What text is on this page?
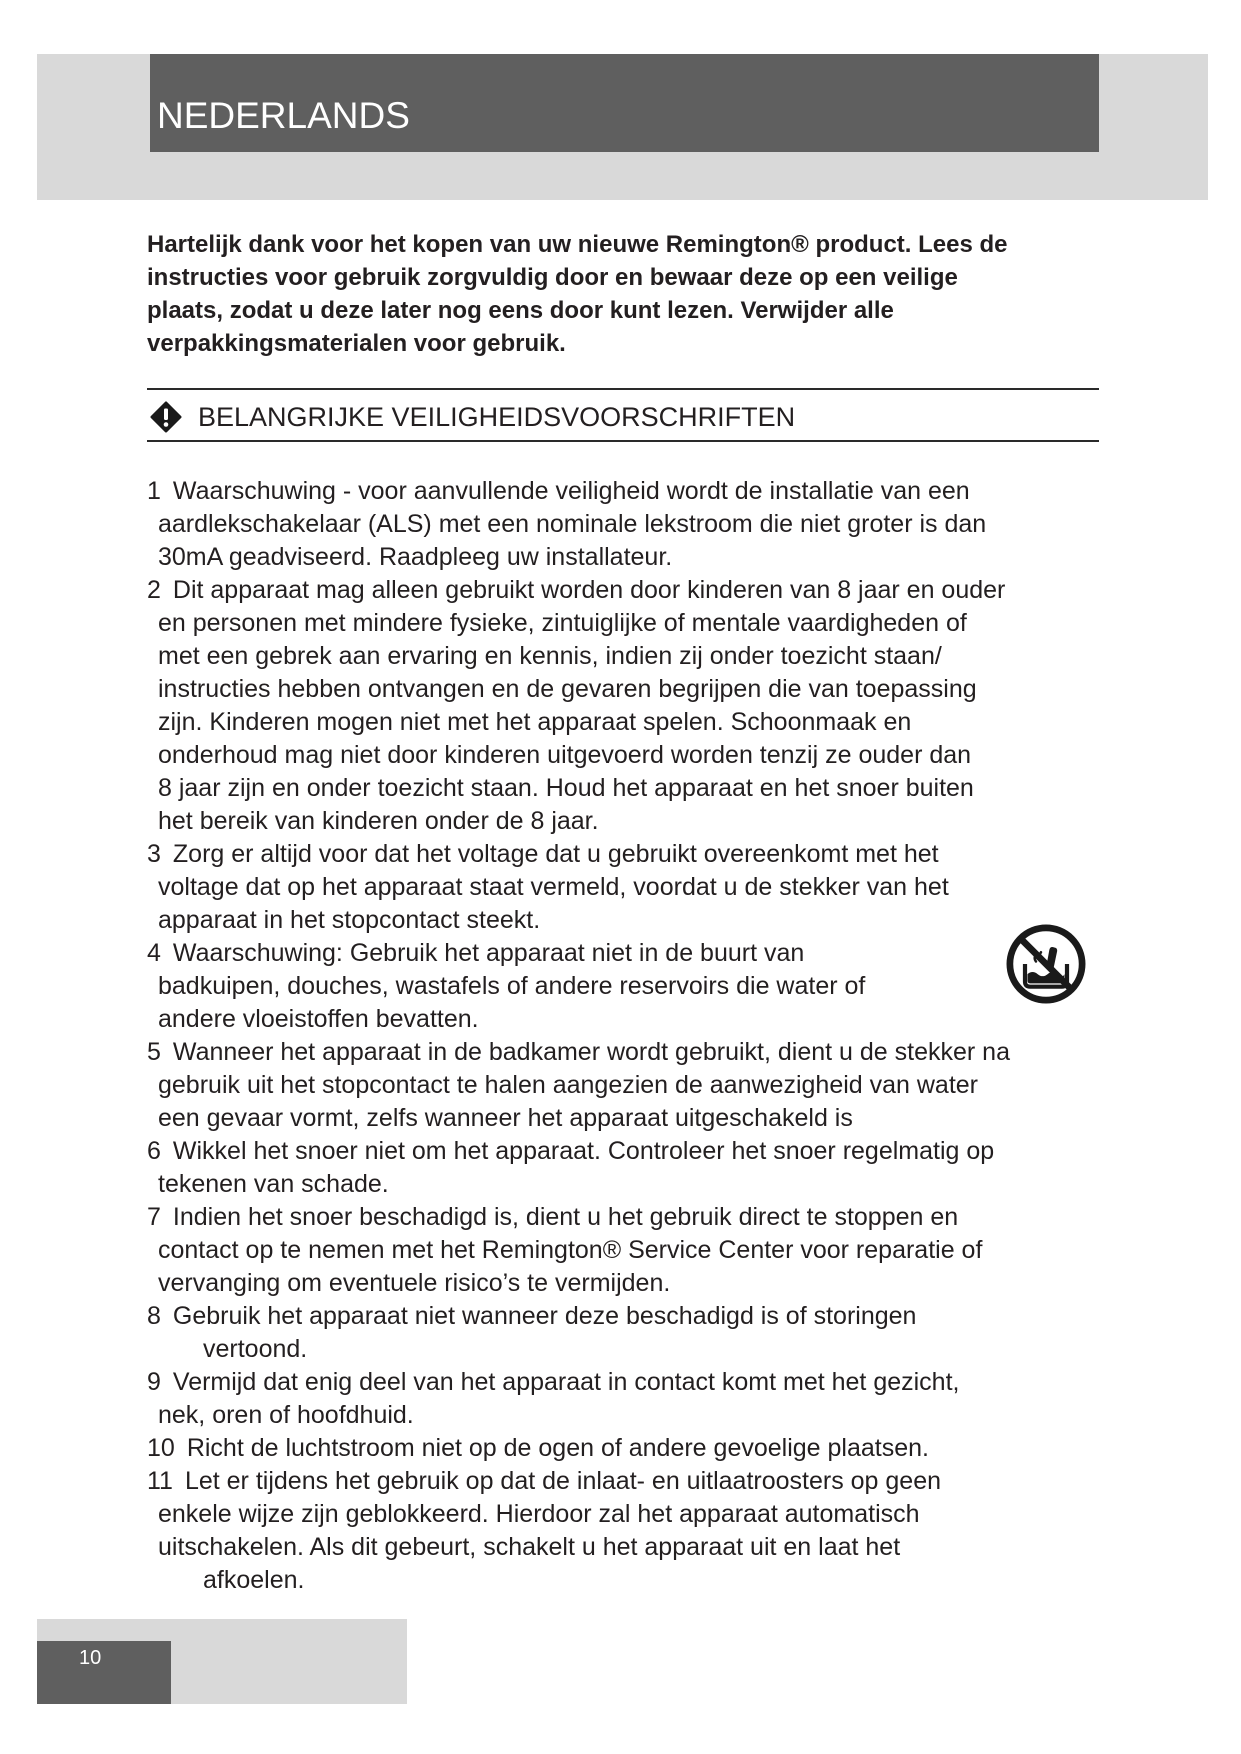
NEDERLANDS
Hartelijk dank voor het kopen van uw nieuwe Remington® product. Lees de
instructies voor gebruik zorgvuldig door en bewaar deze op een veilige
plaats, zodat u deze later nog eens door kunt lezen. Verwijder alle
verpakkingsmaterialen voor gebruik.
BELANGRIJKE VEILIGHEIDSVOORSCHRIFTEN
1 Waarschuwing - voor aanvullende veiligheid wordt de installatie van een
aardlekschakelaar (ALS) met een nominale lekstroom die niet groter is dan
30mA geadviseerd. Raadpleeg uw installateur.
2 Dit apparaat mag alleen gebruikt worden door kinderen van 8 jaar en ouder
en personen met mindere fysieke, zintuiglijke of mentale vaardigheden of
met een gebrek aan ervaring en kennis, indien zij onder toezicht staan/
instructies hebben ontvangen en de gevaren begrijpen die van toepassing
zijn. Kinderen mogen niet met het apparaat spelen. Schoonmaak en
onderhoud mag niet door kinderen uitgevoerd worden tenzij ze ouder dan
8 jaar zijn en onder toezicht staan. Houd het apparaat en het snoer buiten
het bereik van kinderen onder de 8 jaar.
3 Zorg er altijd voor dat het voltage dat u gebruikt overeenkomt met het
voltage dat op het apparaat staat vermeld, voordat u de stekker van het
apparaat in het stopcontact steekt.
4 Waarschuwing: Gebruik het apparaat niet in de buurt van
badkuipen, douches, wastafels of andere reservoirs die water of
andere vloeistoffen bevatten.
5 Wanneer het apparaat in de badkamer wordt gebruikt, dient u de stekker na
gebruik uit het stopcontact te halen aangezien de aanwezigheid van water
een gevaar vormt, zelfs wanneer het apparaat uitgeschakeld is
6 Wikkel het snoer niet om het apparaat. Controleer het snoer regelmatig op
tekenen van schade.
7 Indien het snoer beschadigd is, dient u het gebruik direct te stoppen en
contact op te nemen met het Remington® Service Center voor reparatie of
vervanging om eventuele risico’s te vermijden.
8 Gebruik het apparaat niet wanneer deze beschadigd is of storingen
vertoond.
9 Vermijd dat enig deel van het apparaat in contact komt met het gezicht,
nek, oren of hoofdhuid.
10 Richt de luchtstroom niet op de ogen of andere gevoelige plaatsen.
11 Let er tijdens het gebruik op dat de inlaat- en uitlaatroosters op geen
enkele wijze zijn geblokkeerd. Hierdoor zal het apparaat automatisch
uitschakelen. Als dit gebeurt, schakelt u het apparaat uit en laat het
afkoelen.
10
